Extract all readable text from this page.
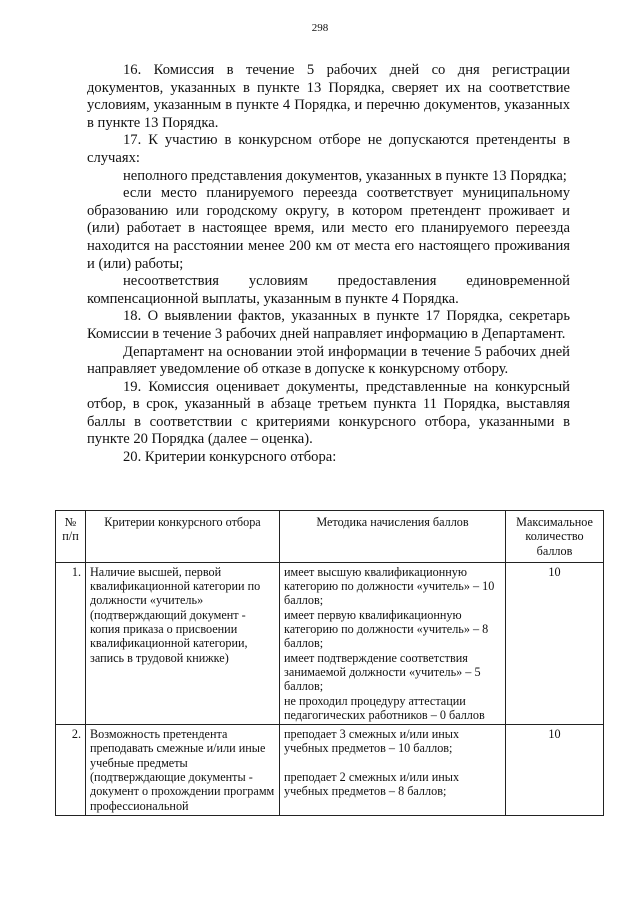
298

16. Комиссия в течение 5 рабочих дней со дня регистрации документов, указанных в пункте 13 Порядка, сверяет их на соответствие условиям, указанным в пункте 4 Порядка, и перечню документов, указанных в пункте 13 Порядка.

17. К участию в конкурсном отборе не допускаются претенденты в случаях:

неполного представления документов, указанных в пункте 13 Порядка;

если место планируемого переезда соответствует муниципальному образованию или городскому округу, в котором претендент проживает и (или) работает в настоящее время, или место его планируемого переезда находится на расстоянии менее 200 км от места его настоящего проживания и (или) работы;

несоответствия условиям предоставления единовременной компенсационной выплаты, указанным в пункте 4 Порядка.

18. О выявлении фактов, указанных в пункте 17 Порядка, секретарь Комиссии в течение 3 рабочих дней направляет информацию в Департамент.

Департамент на основании этой информации в течение 5 рабочих дней направляет уведомление об отказе в допуске к конкурсному отбору.

19. Комиссия оценивает документы, представленные на конкурсный отбор, в срок, указанный в абзаце третьем пункта 11 Порядка, выставляя баллы в соответствии с критериями конкурсного отбора, указанными в пункте 20 Порядка (далее – оценка).

20. Критерии конкурсного отбора:

№ п/п	Критерии конкурсного отбора	Методика начисления баллов	Максимальное количество баллов
1.	Наличие высшей, первой квалификационной категории по должности «учитель» (подтверждающий документ - копия приказа о присвоении квалификационной категории, запись в трудовой книжке)	имеет высшую квалификационную категорию по должности «учитель» – 10 баллов;
имеет первую квалификационную категорию по должности «учитель» – 8 баллов;
имеет подтверждение соответствия занимаемой должности «учитель» – 5 баллов;
не проходил процедуру аттестации педагогических работников – 0 баллов	10
2.	Возможность претендента преподавать смежные и/или иные учебные предметы (подтверждающие документы - документ о прохождении программ профессиональной	преподает 3 смежных и/или иных учебных предметов – 10 баллов;
преподает 2 смежных и/или иных учебных предметов – 8 баллов;	10
